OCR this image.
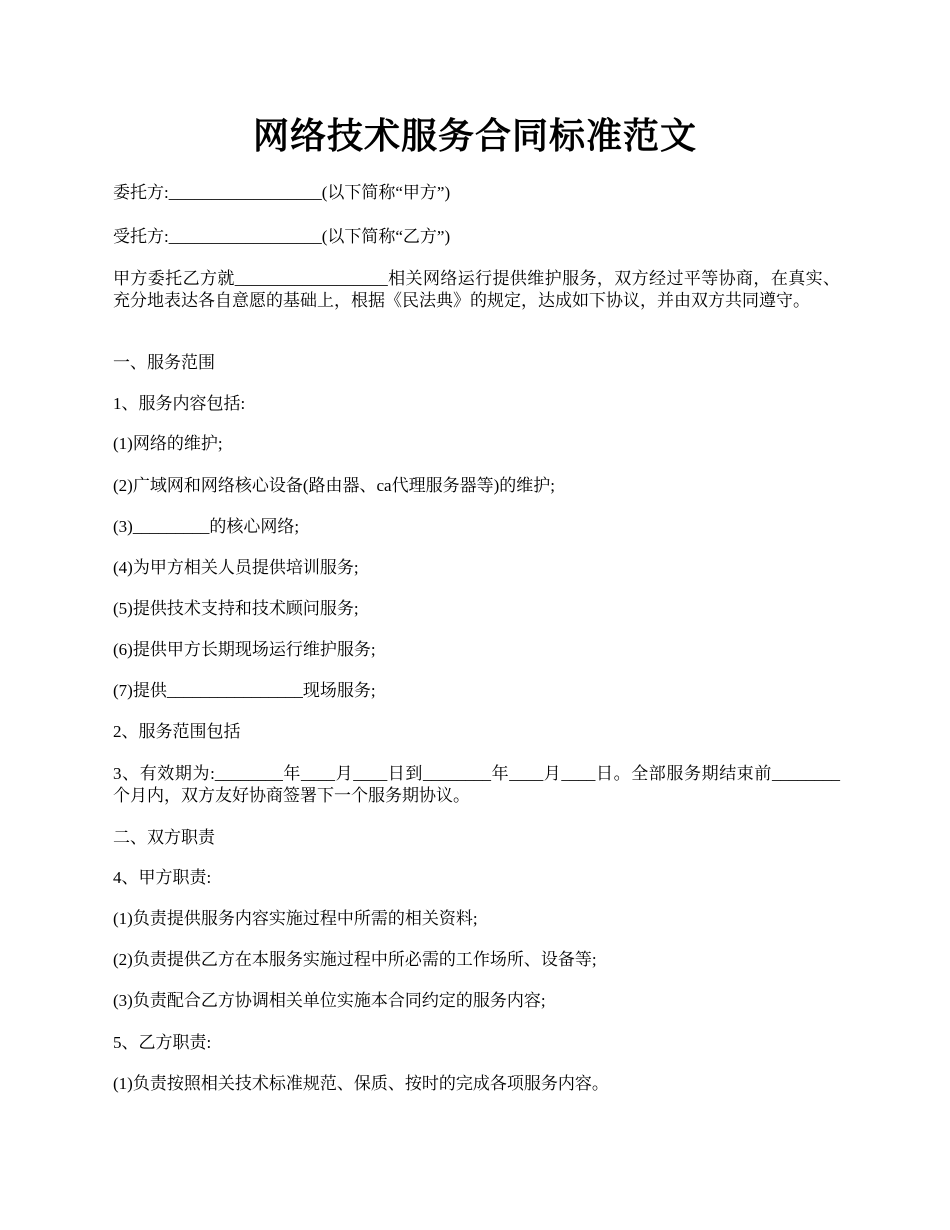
网络技术服务合同标准范文

委托方:__________________(以下简称“甲方”)

受托方:__________________(以下简称“乙方”)

甲方委托乙方就__________________相关网络运行提供维护服务，双方经过平等协商，在真实、充分地表达各自意愿的基础上，根据《民法典》的规定，达成如下协议，并由双方共同遵守。

一、服务范围

1、服务内容包括:

(1)网络的维护;

(2)广域网和网络核心设备(路由器、ca代理服务器等)的维护;

(3)_________的核心网络;

(4)为甲方相关人员提供培训服务;

(5)提供技术支持和技术顾问服务;

(6)提供甲方长期现场运行维护服务;

(7)提供________________现场服务;

2、服务范围包括

3、有效期为:________年____月____日到________年____月____日。全部服务期结束前________个月内，双方友好协商签署下一个服务期协议。

二、双方职责

4、甲方职责:

(1)负责提供服务内容实施过程中所需的相关资料;

(2)负责提供乙方在本服务实施过程中所必需的工作场所、设备等;

(3)负责配合乙方协调相关单位实施本合同约定的服务内容;

5、乙方职责:

(1)负责按照相关技术标准规范、保质、按时的完成各项服务内容。
